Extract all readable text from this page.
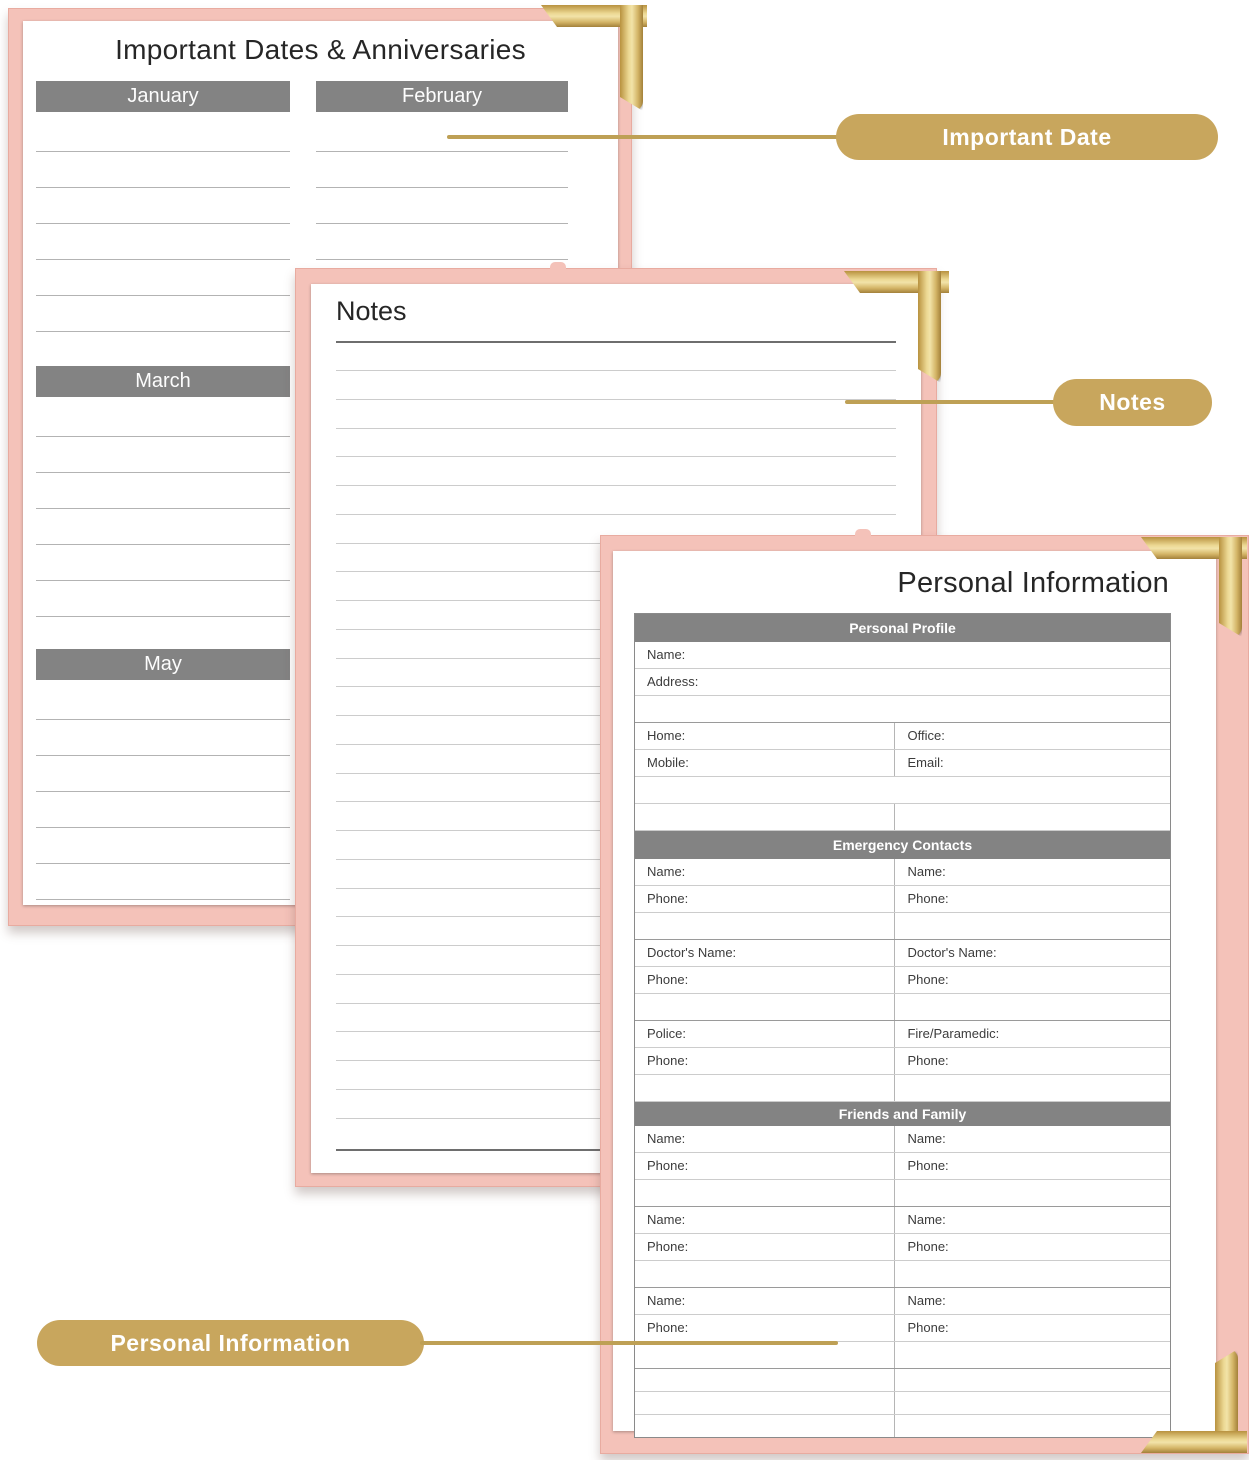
Important Dates & Anniversaries
January	February
March
May
Notes
Personal Information
Personal Profile
Name:
Address:
Home:	Office:
Mobile:	Email:
Emergency Contacts
Name:	Name:
Phone:	Phone:
Doctor's Name:	Doctor's Name:
Phone:	Phone:
Police:	Fire/Paramedic:
Phone:	Phone:
Friends and Family
Name:	Name:
Phone:	Phone:
Name:	Name:
Phone:	Phone:
Name:	Name:
Phone:	Phone:
Important Date
Notes
Personal Information
